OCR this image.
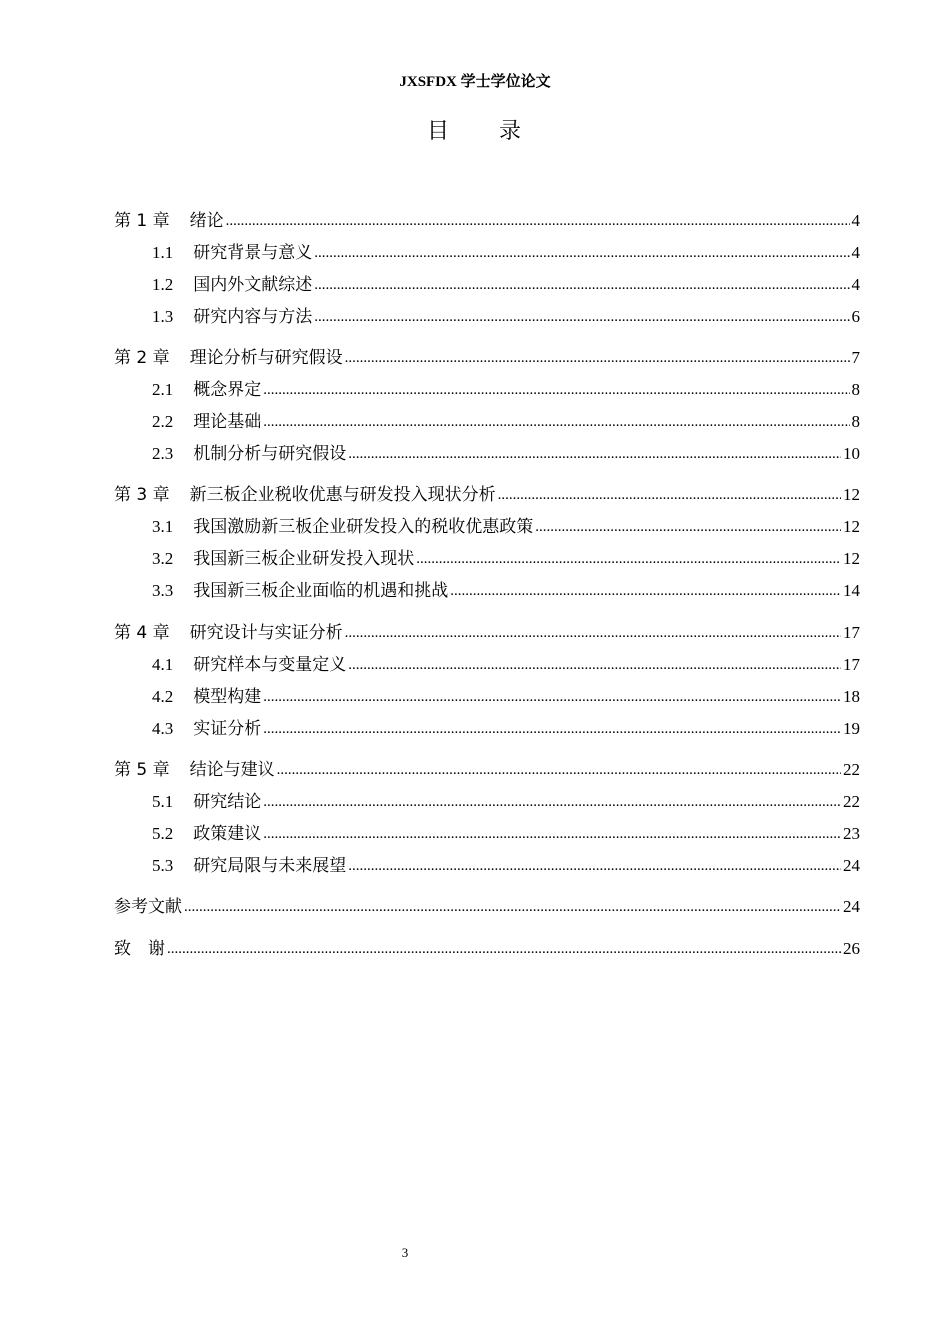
JXSFDX 学士学位论文
目 录
第 1 章 绪论 .....	4
1.1 研究背景与意义 .....	4
1.2 国内外文献综述 .....	4
1.3 研究内容与方法 .....	6
第 2 章 理论分析与研究假设 .....	7
2.1 概念界定 .....	8
2.2 理论基础 .....	8
2.3 机制分析与研究假设 .....	10
第 3 章 新三板企业税收优惠与研发投入现状分析 .....	12
3.1 我国激励新三板企业研发投入的税收优惠政策 .....	12
3.2 我国新三板企业研发投入现状 .....	12
3.3 我国新三板企业面临的机遇和挑战 .....	14
第 4 章 研究设计与实证分析 .....	17
4.1 研究样本与变量定义 .....	17
4.2 模型构建 .....	18
4.3 实证分析 .....	19
第 5 章 结论与建议 .....	22
5.1 研究结论 .....	22
5.2 政策建议 .....	23
5.3 研究局限与未来展望 .....	24
参考文献 .....	24
致　谢 .....	26
3
